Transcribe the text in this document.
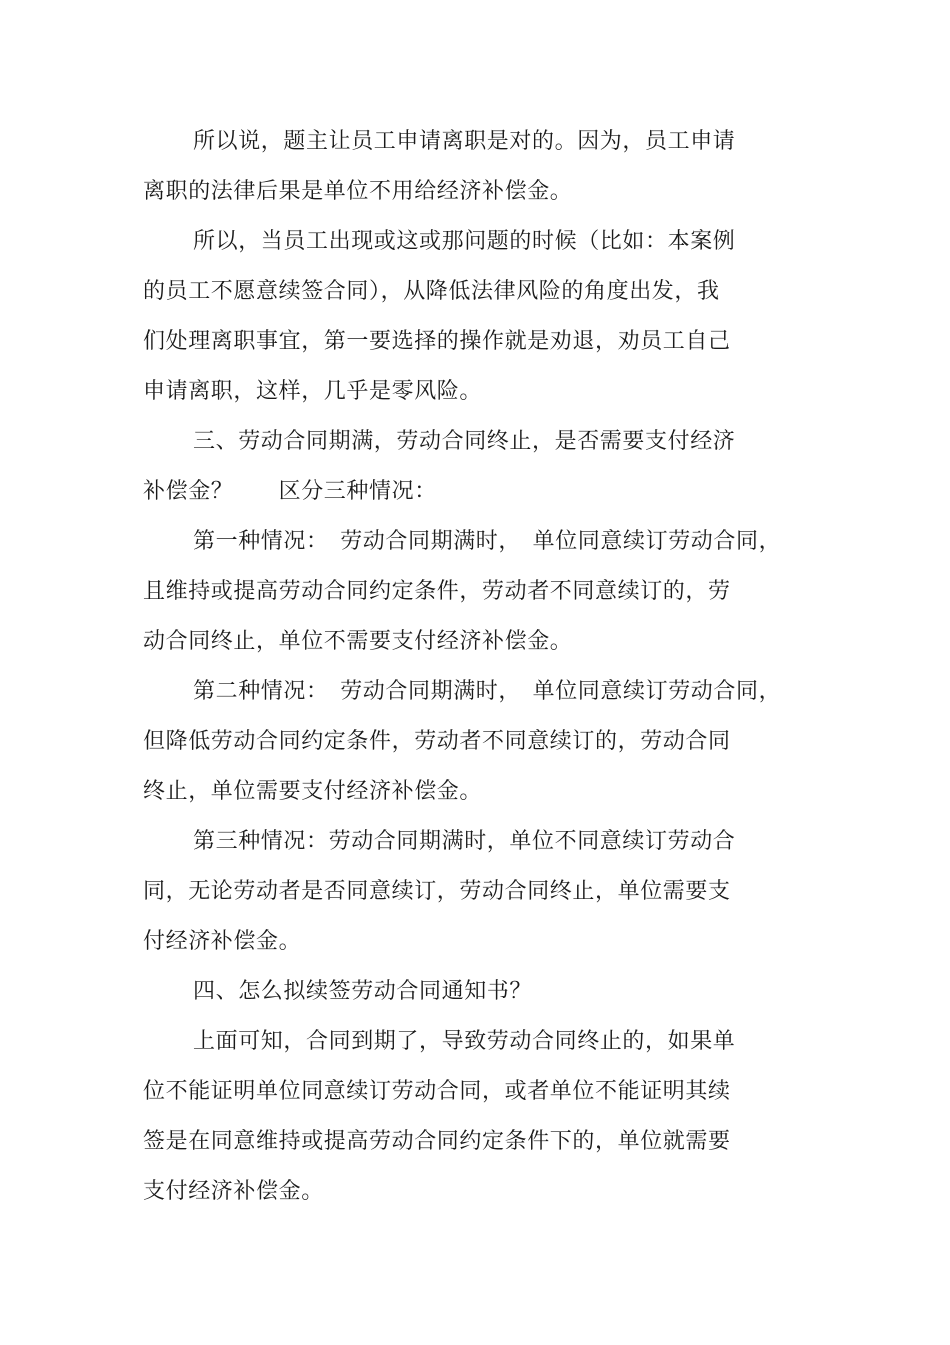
所以说，题主让员工申请离职是对的。因为，员工申请
离职的法律后果是单位不用给经济补偿金。
所以，当员工出现或这或那问题的时候（比如：本案例
的员工不愿意续签合同），从降低法律风险的角度出发，我
们处理离职事宜，第一要选择的操作就是劝退，劝员工自己
申请离职，这样，几乎是零风险。
三、劳动合同期满，劳动合同终止，是否需要支付经济
补偿金？　　区分三种情况：
第一种情况：　劳动合同期满时，　单位同意续订劳动合同，
且维持或提高劳动合同约定条件，劳动者不同意续订的，劳
动合同终止，单位不需要支付经济补偿金。
第二种情况：　劳动合同期满时，　单位同意续订劳动合同，
但降低劳动合同约定条件，劳动者不同意续订的，劳动合同
终止，单位需要支付经济补偿金。
第三种情况：劳动合同期满时，单位不同意续订劳动合
同，无论劳动者是否同意续订，劳动合同终止，单位需要支
付经济补偿金。
四、怎么拟续签劳动合同通知书？
上面可知，合同到期了，导致劳动合同终止的，如果单
位不能证明单位同意续订劳动合同，或者单位不能证明其续
签是在同意维持或提高劳动合同约定条件下的，单位就需要
支付经济补偿金。
